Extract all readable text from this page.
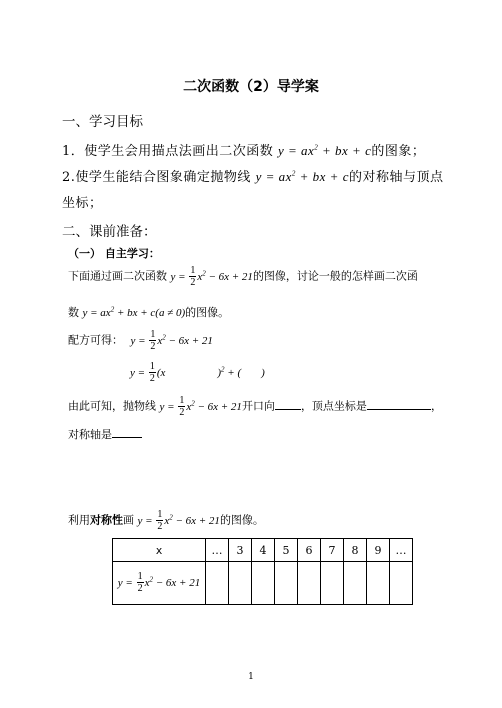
二次函数（2）导学案
一、学习目标
1．使学生会用描点法画出二次函数 $y = ax^2$ + bx + c的图象；
2.使学生能结合图象确定抛物线 $y = ax^2$ + bx + c的对称轴与顶点
坐标；
二、课前准备：
（一） 自主学习：
下面通过画二次函数 $y = \frac{1}{2} x^2 - 6x + 21$的图像，讨论一般的怎样画二次函
数 $y = ax^2$ + bx + c(a ≠ 0)的图像。
配方可得： $y = \frac{1}{2} x^2 - 6x + 21$
$y = \frac{1}{2} (x$	)$^2$ + ( )
由此可知，抛物线 $y = \frac{1}{2} x^2 - 6x + 21$开口向 ，顶点坐标是	，
对称轴是
利用对称性画 $y = \frac{1}{2} x^2 - 6x + 21$的图像。
x	…	3	4	5	6	7	8	9	…
$y = \frac{1}{2} x^2 - 6x + 21$									
1
